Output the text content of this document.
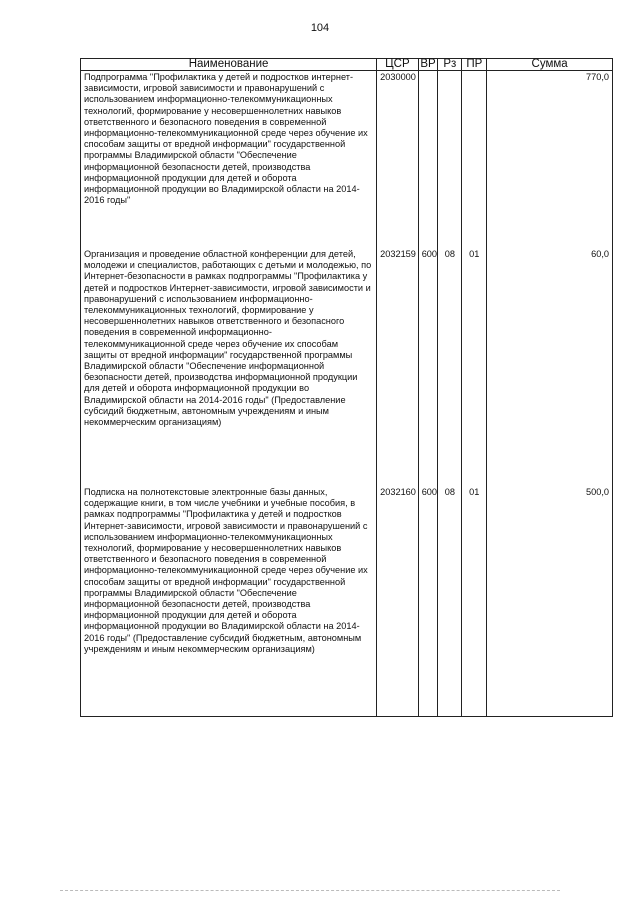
104
Наименование	ЦСР	ВР	Рз	ПР	Сумма
Подпрограмма "Профилактика у детей и подростков интернет-зависимости, игровой зависимости и правонарушений с использованием информационно-телекоммуникационных технологий, формирование у несовершеннолетних навыков ответственного и безопасного поведения в современной информационно-телекоммуникационной среде через обучение их способам защиты от вредной информации" государственной программы Владимирской области "Обеспечение информационной безопасности детей, производства информационной продукции для детей и оборота информационной продукции во Владимирской области на 2014-2016 годы"	2030000				770,0
Организация и проведение областной конференции для детей, молодежи и специалистов, работающих с детьми и молодежью, по Интернет-безопасности в рамках подпрограммы "Профилактика у детей и подростков Интернет-зависимости, игровой зависимости и правонарушений с использованием информационно-телекоммуникационных технологий, формирование у несовершеннолетних навыков ответственного и безопасного поведения в современной информационно-телекоммуникационной среде через обучение их способам защиты от вредной информации" государственной программы Владимирской области "Обеспечение информационной безопасности детей, производства информационной продукции для детей и оборота информационной продукции во Владимирской области на 2014-2016 годы" (Предоставление субсидий бюджетным, автономным учреждениям и иным некоммерческим организациям)	2032159	600	08	01	60,0
Подписка на полнотекстовые электронные базы данных, содержащие книги, в том числе учебники и учебные пособия, в рамках подпрограммы "Профилактика у детей и подростков Интернет-зависимости, игровой зависимости и правонарушений с использованием информационно-телекоммуникационных технологий, формирование у несовершеннолетних навыков ответственного и безопасного поведения в современной информационно-телекоммуникационной среде через обучение их способам защиты от вредной информации" государственной программы Владимирской области "Обеспечение информационной безопасности детей, производства информационной продукции для детей и оборота информационной продукции во Владимирской области на 2014-2016 годы" (Предоставление субсидий бюджетным, автономным учреждениям и иным некоммерческим организациям)	2032160	600	08	01	500,0
